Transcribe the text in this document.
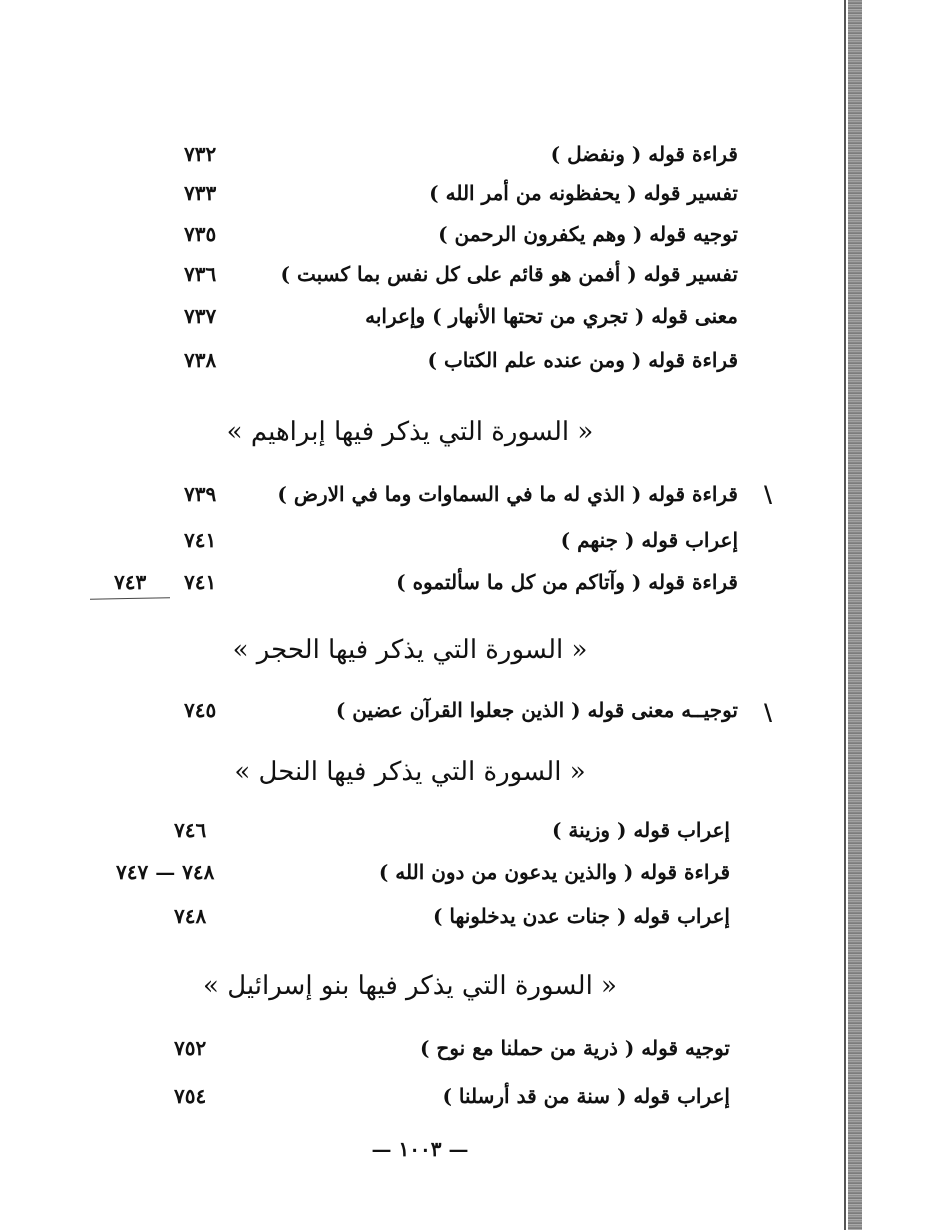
قراءة قوله ( ونفضل )
٧٣٢
تفسير قوله ( يحفظونه من أمر الله )
٧٣٣
توجيه قوله ( وهم يكفرون الرحمن )
٧٣٥
تفسير قوله ( أفمن هو قائم على كل نفس بما كسبت )
٧٣٦
معنى قوله ( تجري من تحتها الأنهار ) وإعرابه
٧٣٧
قراءة قوله ( ومن عنده علم الكتاب )
٧٣٨
« السورة التي يذكر فيها إبراهيم »
\
قراءة قوله ( الذي له ما في السماوات وما في الارض )
٧٣٩
إعراب قوله ( جنهم )
٧٤١
قراءة قوله ( وآتاكم من كل ما سألتموه )
٧٤١
٧٤٣
« السورة التي يذكر فيها الحجر »
\
توجيــه معنى قوله ( الذين جعلوا القرآن عضين )
٧٤٥
« السورة التي يذكر فيها النحل »
إعراب قوله ( وزينة )
٧٤٦
قراءة قوله ( والذين يدعون من دون الله )
٧٤٨ — ٧٤٧
إعراب قوله ( جنات عدن يدخلونها )
٧٤٨
« السورة التي يذكر فيها بنو إسرائيل »
توجيه قوله ( ذرية من حملنا مع نوح )
٧٥٢
إعراب قوله ( سنة من قد أرسلنا )
٧٥٤
— ١٠٠٣ —
